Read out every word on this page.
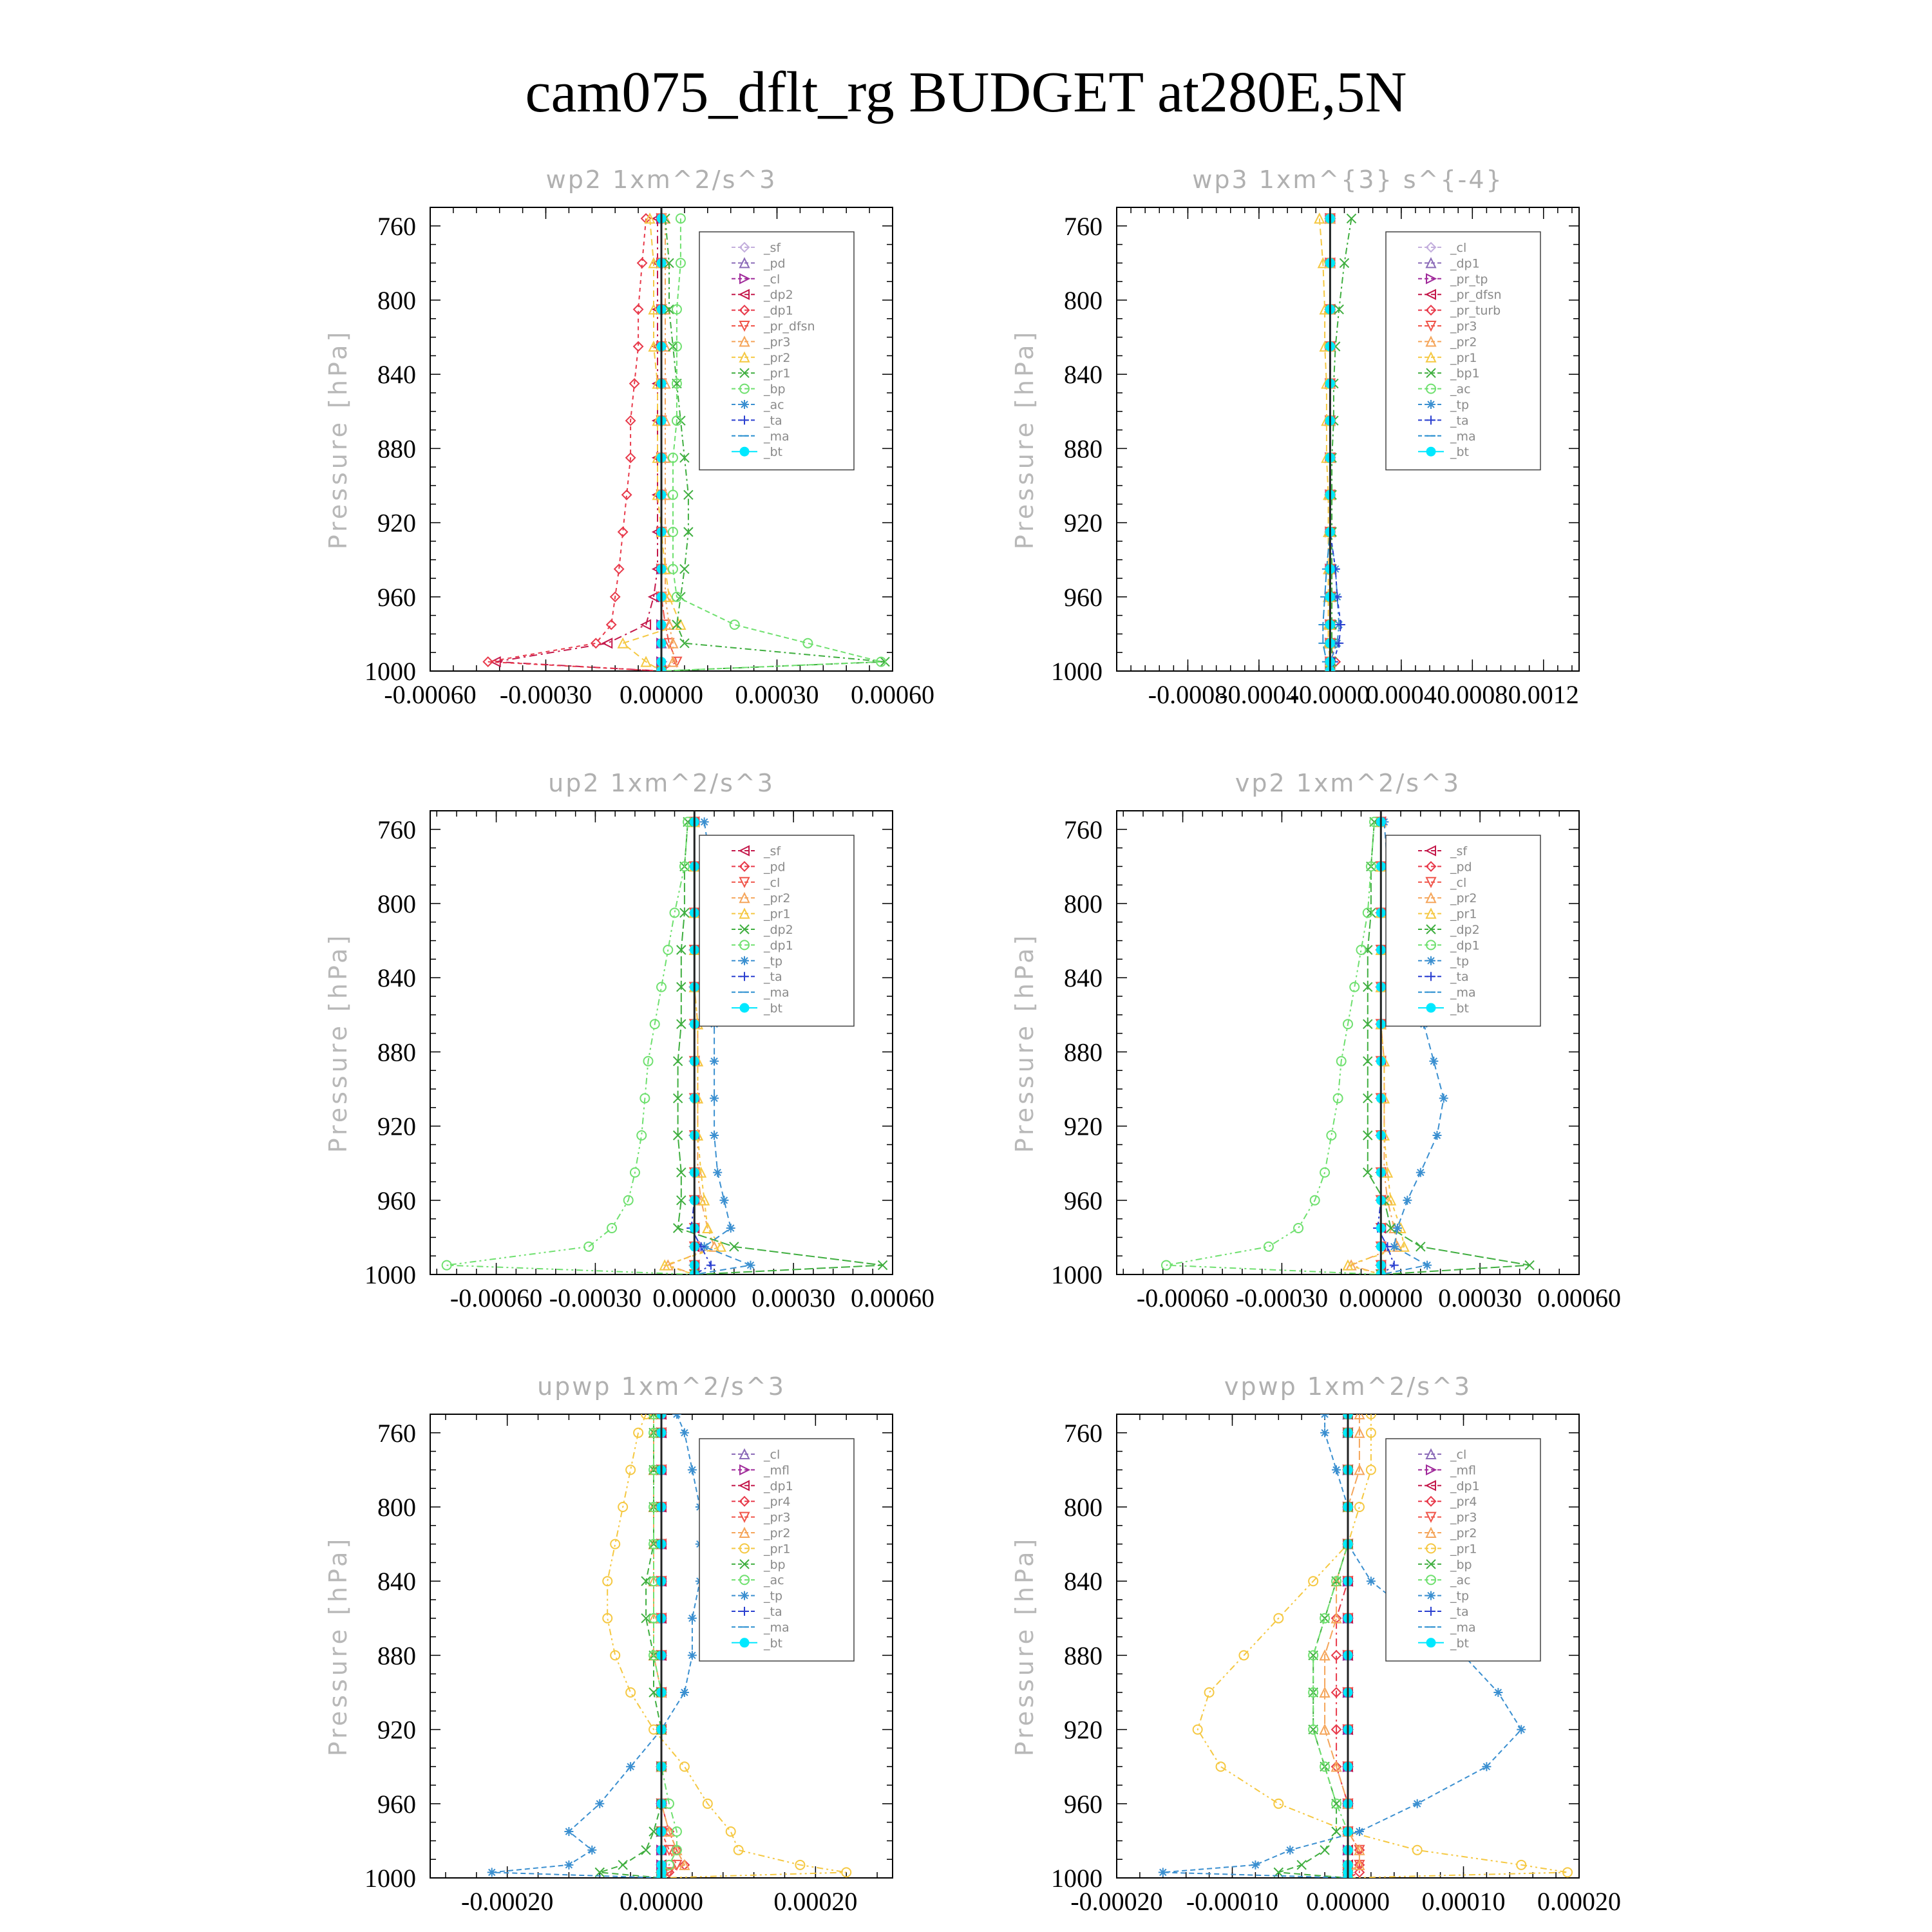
cam075_dflt_rg BUDGET at280E,5N
wp2 1xm^2/s^3
Pressure [hPa]
760
800
840
880
920
960
1000
-0.00060 -0.00030 0.00000 0.00030 0.00060
_sf
_pd
_cl
_dp2
_dp1
_pr_dfsn
_pr3
_pr2
_pr1
_bp
_ac
_ta
_ma
_bt
wp3 1xm^{3} s^{-4}
Pressure [hPa]
760
800
840
880
920
960
1000
-0.0008
-0.0004
-0.0000
0.0004 0.0008 0.0012
_cl
_dp1
_pr_tp
_pr_dfsn
_pr_turb
_pr3
_pr2
_pr1
_bp1
_ac
_tp
_ta
_ma
_bt
up2 1xm^2/s^3
Pressure [hPa]
760
800
840
880
920
960
1000
-0.00060 -0.00030 0.00000 0.00030 0.00060
_sf
_pd
_cl
_pr2
_pr1
_dp2
_dp1
_tp
_ta
_ma
_bt
vp2 1xm^2/s^3
Pressure [hPa]
760
800
840
880
920
960
1000
-0.00060 -0.00030 0.00000 0.00030 0.00060
_sf
_pd
_cl
_pr2
_pr1
_dp2
_dp1
_tp
_ta
_ma
_bt
upwp 1xm^2/s^3
Pressure [hPa]
760
800
840
880
920
960
1000
-0.00020	0.00000	0.00020
_cl
_mfl
_dp1
_pr4
_pr3
_pr2
_pr1
_bp
_ac
_tp
_ta
_ma
_bt
vpwp 1xm^2/s^3
Pressure [hPa]
760
800
840
880
920
960
1000
-0.00020 -0.00010 0.00000 0.00010 0.00020
_cl
_mfl
_dp1
_pr4
_pr3
_pr2
_pr1
_bp
_ac
_tp
_ta
_ma
_bt
